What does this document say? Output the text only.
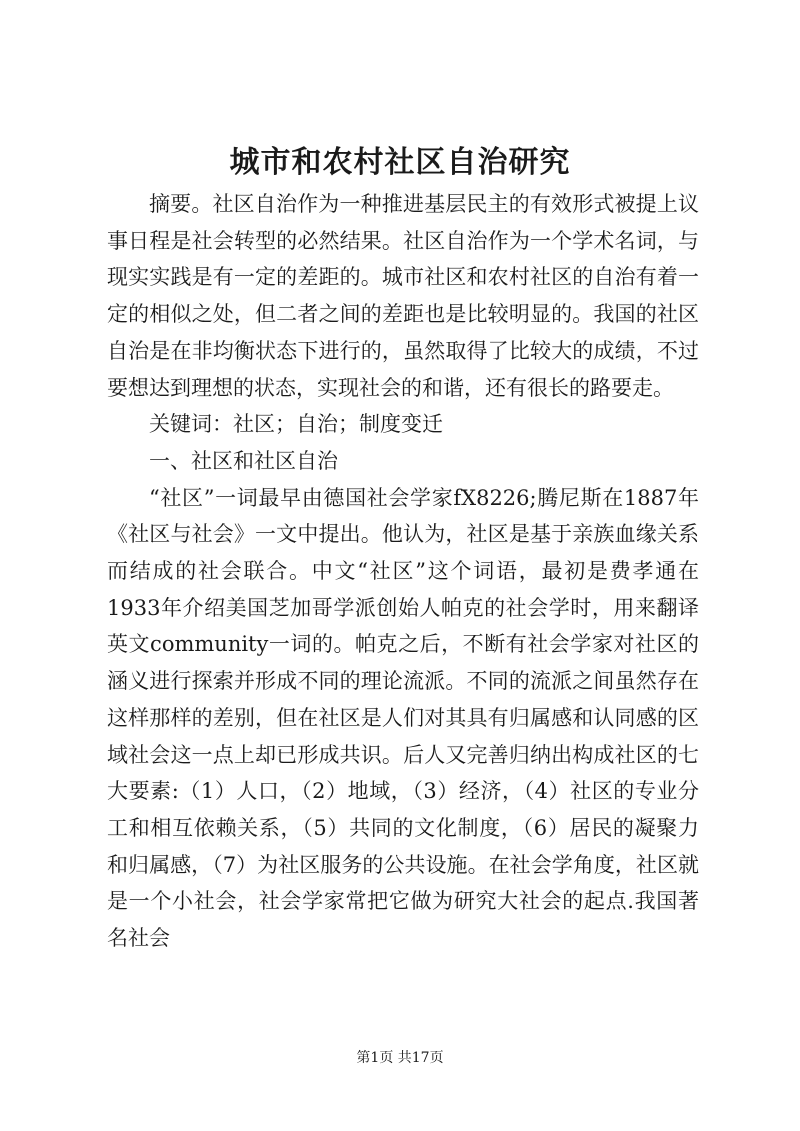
城市和农村社区自治研究

摘要。社区自治作为一种推进基层民主的有效形式被提上议事日程是社会转型的必然结果。社区自治作为一个学术名词，与现实实践是有一定的差距的。城市社区和农村社区的自治有着一定的相似之处，但二者之间的差距也是比较明显的。我国的社区自治是在非均衡状态下进行的，虽然取得了比较大的成绩，不过要想达到理想的状态，实现社会的和谐，还有很长的路要走。

关键词：社区；自治；制度变迁

一、社区和社区自治

“社区”一词最早由德国社会学家fX8226;腾尼斯在1887年《社区与社会》一文中提出。他认为，社区是基于亲族血缘关系而结成的社会联合。中文“社区”这个词语，最初是费孝通在1933年介绍美国芝加哥学派创始人帕克的社会学时，用来翻译英文community一词的。帕克之后，不断有社会学家对社区的涵义进行探索并形成不同的理论流派。不同的流派之间虽然存在这样那样的差别，但在社区是人们对其具有归属感和认同感的区域社会这一点上却已形成共识。后人又完善归纳出构成社区的七大要素:（1）人口，（2）地域，（3）经济，（4）社区的专业分工和相互依赖关系，（5）共同的文化制度，（6）居民的凝聚力和归属感，（7）为社区服务的公共设施。在社会学角度，社区就是一个小社会，社会学家常把它做为研究大社会的起点.我国著名社会

第1页 共17页
